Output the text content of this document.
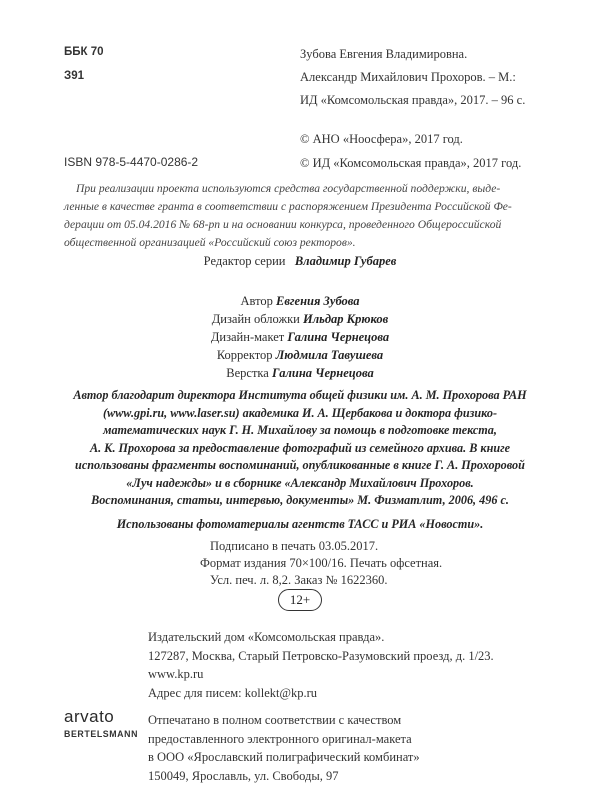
ББК 70
З91
Зубова Евгения Владимировна.
Александр Михайлович Прохоров. – М.:
ИД «Комсомольская правда», 2017. – 96 с.
© АНО «Ноосфера», 2017 год.
© ИД «Комсомольская правда», 2017 год.
ISBN 978-5-4470-0286-2
При реализации проекта используются средства государственной поддержки, выде-
ленные в качестве гранта в соответствии с распоряжением Президента Российской Фе-
дерации от 05.04.2016 № 68-рп и на основании конкурса, проведенного Общероссийской
общественной организацией «Российский союз ректоров».
Редактор серии Владимир Губарев
Автор Евгения Зубова
Дизайн обложки Ильдар Крюков
Дизайн-макет Галина Чернецова
Корректор Людмила Тавушева
Верстка Галина Чернецова
Автор благодарит директора Института общей физики им. А. М. Прохорова РАН
(www.gpi.ru, www.laser.su) академика И. А. Щербакова и доктора физико-
математических наук Г. Н. Михайлову за помощь в подготовке текста,
А. К. Прохорова за предоставление фотографий из семейного архива. В книге
использованы фрагменты воспоминаний, опубликованные в книге Г. А. Прохоровой
«Луч надежды» и в сборнике «Александр Михайлович Прохоров.
Воспоминания, статьи, интервью, документы» М. Физматлит, 2006, 496 с.
Использованы фотоматериалы агентств ТАСС и РИА «Новости».
Подписано в печать 03.05.2017.
Формат издания 70×100/16. Печать офсетная.
Усл. печ. л. 8,2. Заказ № 1622360.
12+
Издательский дом «Комсомольская правда».
127287, Москва, Старый Петровско-Разумовский проезд, д. 1/23.
www.kp.ru
Адрес для писем: kollekt@kp.ru
arvato
BERTELSMANN
Отпечатано в полном соответствии с качеством
предоставленного электронного оригинал-макета
в ООО «Ярославский полиграфический комбинат»
150049, Ярославль, ул. Свободы, 97
